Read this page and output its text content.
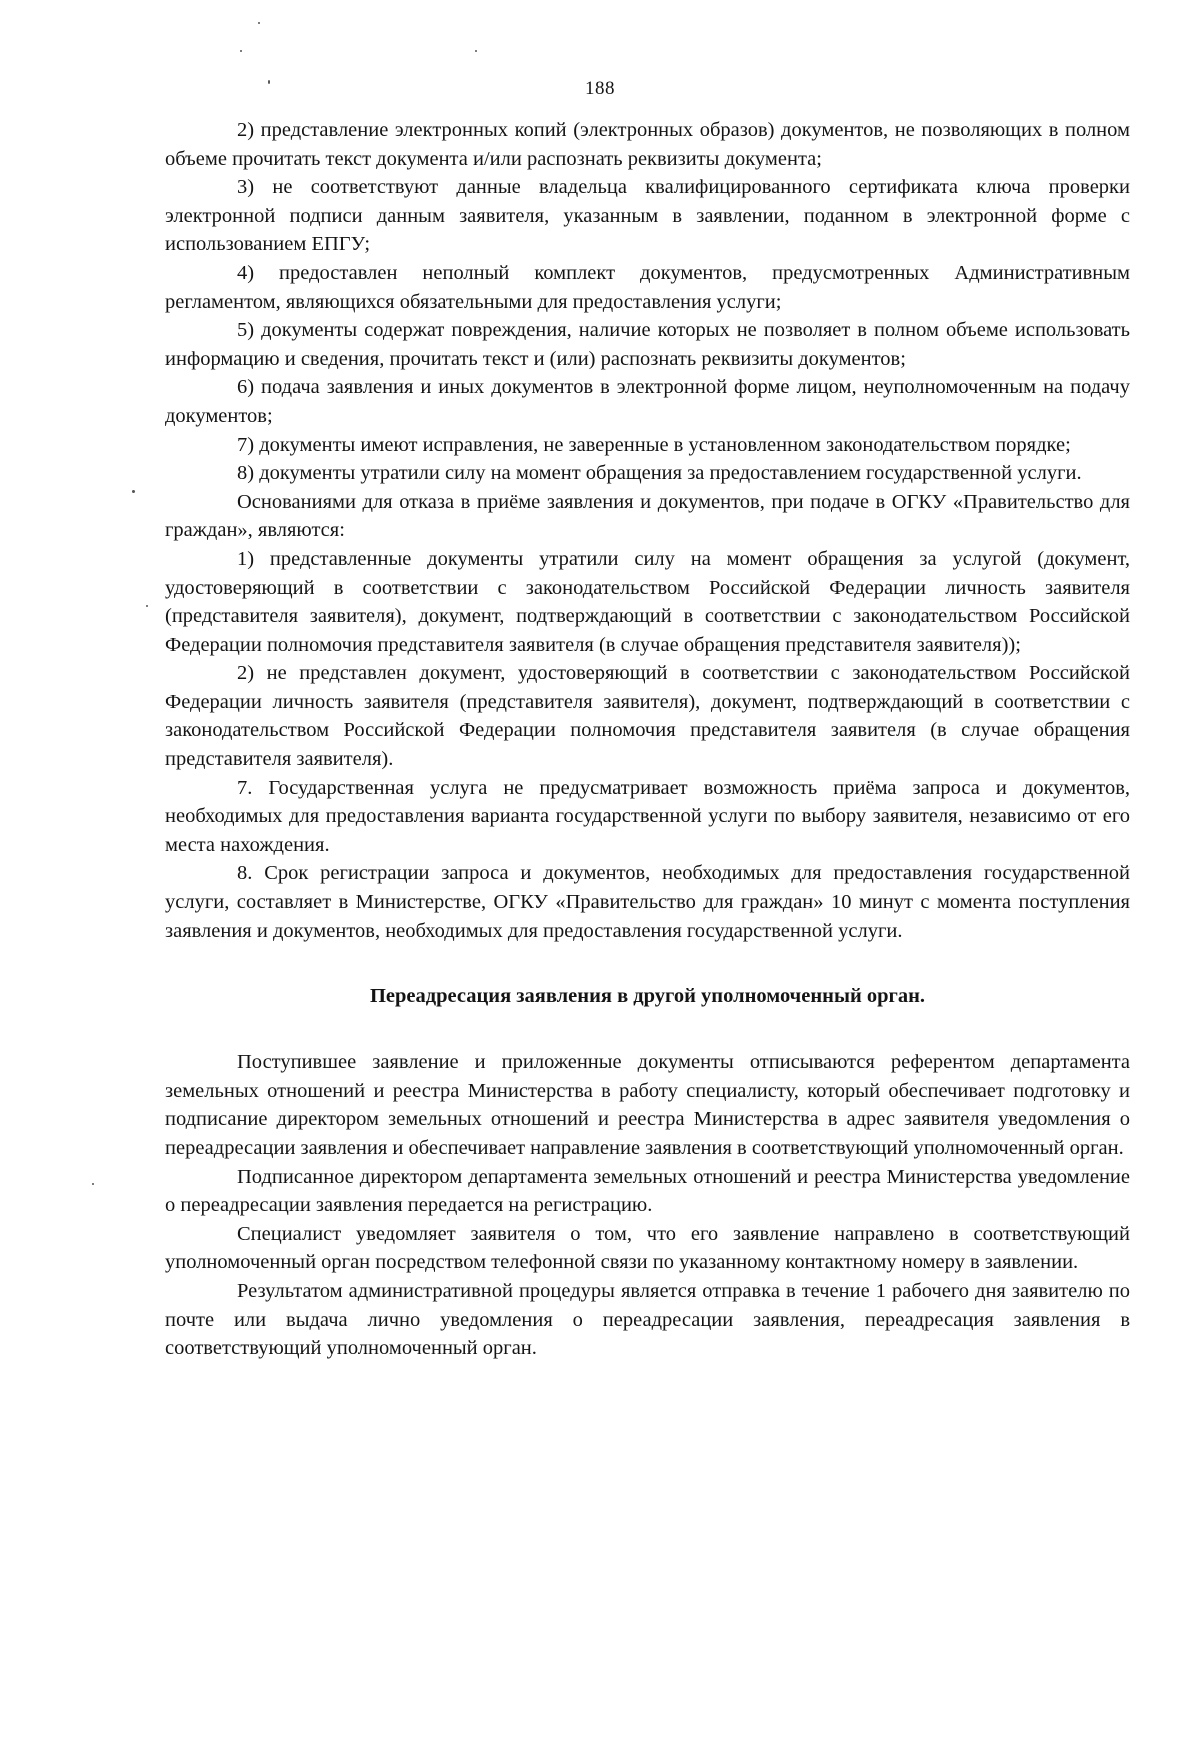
188

2) представление электронных копий (электронных образов) документов, не позволяющих в полном объеме прочитать текст документа и/или распознать реквизиты документа;

3) не соответствуют данные владельца квалифицированного сертификата ключа проверки электронной подписи данным заявителя, указанным в заявлении, поданном в электронной форме с использованием ЕПГУ;

4) предоставлен неполный комплект документов, предусмотренных Административным регламентом, являющихся обязательными для предоставления услуги;

5) документы содержат повреждения, наличие которых не позволяет в полном объеме использовать информацию и сведения, прочитать текст и (или) распознать реквизиты документов;

6) подача заявления и иных документов в электронной форме лицом, неуполномоченным на подачу документов;

7) документы имеют исправления, не заверенные в установленном законодательством порядке;

8) документы утратили силу на момент обращения за предоставлением государственной услуги.

Основаниями для отказа в приёме заявления и документов, при подаче в ОГКУ «Правительство для граждан», являются:

1) представленные документы утратили силу на момент обращения за услугой (документ, удостоверяющий в соответствии с законодательством Российской Федерации личность заявителя (представителя заявителя), документ, подтверждающий в соответствии с законодательством Российской Федерации полномочия представителя заявителя (в случае обращения представителя заявителя));

2) не представлен документ, удостоверяющий в соответствии с законодательством Российской Федерации личность заявителя (представителя заявителя), документ, подтверждающий в соответствии с законодательством Российской Федерации полномочия представителя заявителя (в случае обращения представителя заявителя).

7. Государственная услуга не предусматривает возможность приёма запроса и документов, необходимых для предоставления варианта государственной услуги по выбору заявителя, независимо от его места нахождения.

8. Срок регистрации запроса и документов, необходимых для предоставления государственной услуги, составляет в Министерстве, ОГКУ «Правительство для граждан» 10 минут с момента поступления заявления и документов, необходимых для предоставления государственной услуги.

Переадресация заявления в другой уполномоченный орган.

Поступившее заявление и приложенные документы отписываются референтом департамента земельных отношений и реестра Министерства в работу специалисту, который обеспечивает подготовку и подписание директором земельных отношений и реестра Министерства в адрес заявителя уведомления о переадресации заявления и обеспечивает направление заявления в соответствующий уполномоченный орган.

Подписанное директором департамента земельных отношений и реестра Министерства уведомление о переадресации заявления передается на регистрацию.

Специалист уведомляет заявителя о том, что его заявление направлено в соответствующий уполномоченный орган посредством телефонной связи по указанному контактному номеру в заявлении.

Результатом административной процедуры является отправка в течение 1 рабочего дня заявителю по почте или выдача лично уведомления о переадресации заявления, переадресация заявления в соответствующий уполномоченный орган.
